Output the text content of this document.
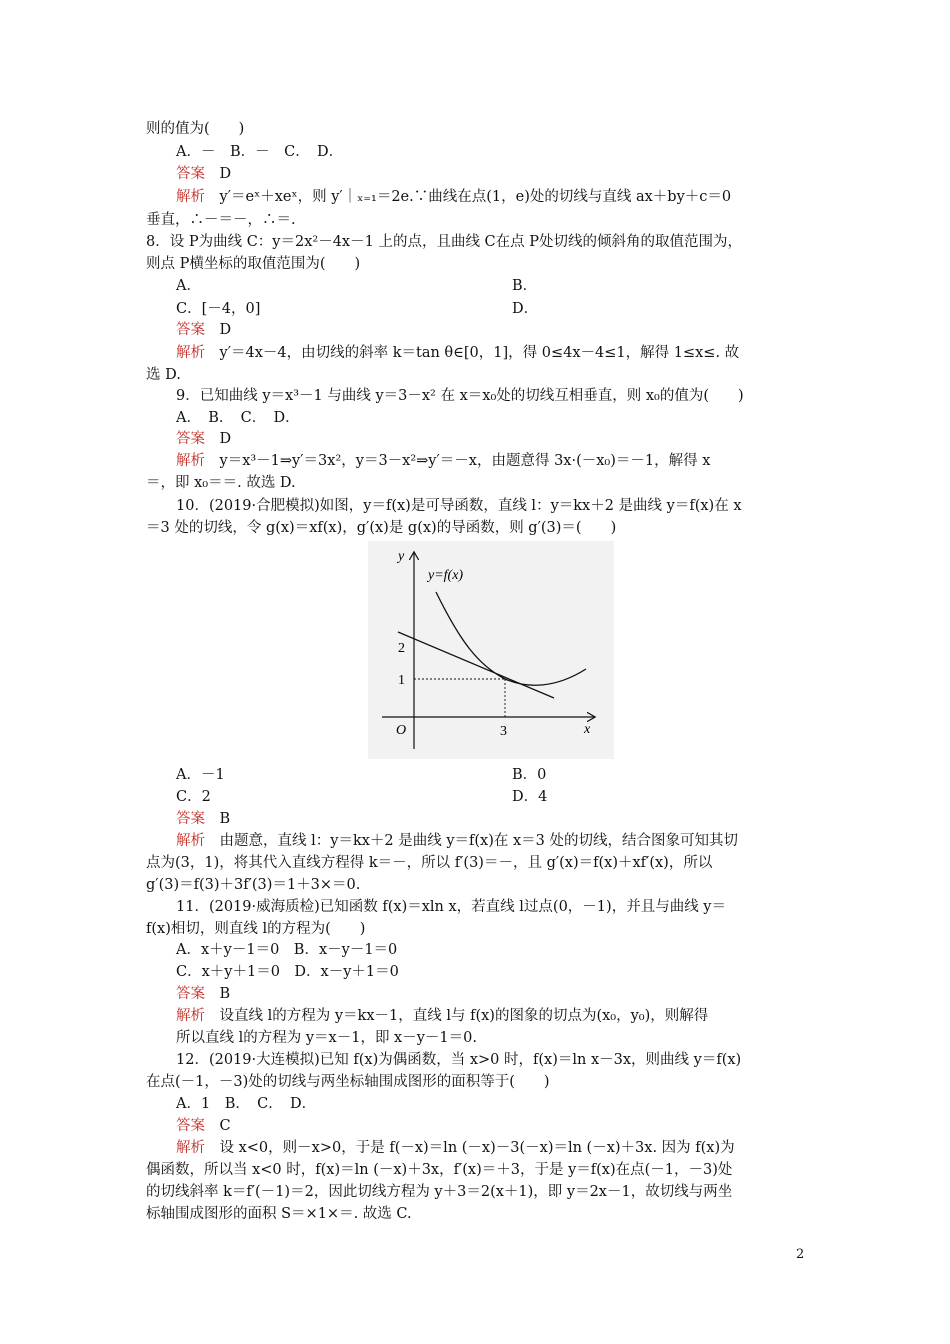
则的值为(　　)
A．－　B．－　C．　D．
答案　 D
解析　 y′＝eˣ＋xeˣ，则 y′｜ₓ₌₁＝2e.∵曲线在点(1，e)处的切线与直线 ax＋by＋c＝0
垂直，∴－＝－，∴＝.
8．设 P为曲线 C：y＝2x²－4x－1 上的点，且曲线 C在点 P处切线的倾斜角的取值范围为，
则点 P横坐标的取值范围为(　　)
A．	B．
C．[－4，0]	D．
答案　 D
解析　 y′＝4x－4，由切线的斜率 k＝tan θ∈[0，1]，得 0≤4x－4≤1，解得 1≤x≤. 故
选 D.
9．已知曲线 y＝x³－1 与曲线 y＝3－x² 在 x＝x₀处的切线互相垂直，则 x₀的值为(　　)
A．　B．　C．　D．
答案　 D
解析　 y＝x³－1⇒y′＝3x²，y＝3－x²⇒y′＝－x，由题意得 3x·(－x₀)＝－1，解得 x
＝，即 x₀＝＝. 故选 D.
10．(2019·合肥模拟)如图，y＝f(x)是可导函数，直线 l：y＝kx＋2 是曲线 y＝f(x)在 x
＝3 处的切线，令 g(x)＝xf(x)，g′(x)是 g(x)的导函数，则 g′(3)＝(　　)
y
y=f(x)
2
1
O	3	x
A．－1	B．0
C．2	D．4
答案　 B
解析　 由题意，直线 l：y＝kx＋2 是曲线 y＝f(x)在 x＝3 处的切线，结合图象可知其切
点为(3，1)，将其代入直线方程得 k＝－，所以 f′(3)＝－，且 g′(x)＝f(x)＋xf′(x)，所以
g′(3)＝f(3)＋3f′(3)＝1＋3×＝0.
11．(2019·威海质检)已知函数 f(x)＝xln x，若直线 l过点(0，－1)，并且与曲线 y＝
f(x)相切，则直线 l的方程为(　　)
A．x＋y－1＝0　B．x－y－1＝0
C．x＋y＋1＝0　D．x－y＋1＝0
答案　 B
解析　 设直线 l的方程为 y＝kx－1，直线 l与 f(x)的图象的切点为(x₀，y₀)，则解得
所以直线 l的方程为 y＝x－1，即 x－y－1＝0.
12．(2019·大连模拟)已知 f(x)为偶函数，当 x>0 时，f(x)＝ln x－3x，则曲线 y＝f(x)
在点(－1，－3)处的切线与两坐标轴围成图形的面积等于(　　)
A．1　B．　C．　D．
答案　 C
解析　 设 x<0，则－x>0，于是 f(－x)＝ln (－x)－3(－x)＝ln (－x)＋3x. 因为 f(x)为
偶函数，所以当 x<0 时，f(x)＝ln (－x)＋3x，f′(x)＝＋3，于是 y＝f(x)在点(－1，－3)处
的切线斜率 k＝f′(－1)＝2，因此切线方程为 y＋3＝2(x＋1)，即 y＝2x－1，故切线与两坐
标轴围成图形的面积 S＝×1×＝. 故选 C.
2
